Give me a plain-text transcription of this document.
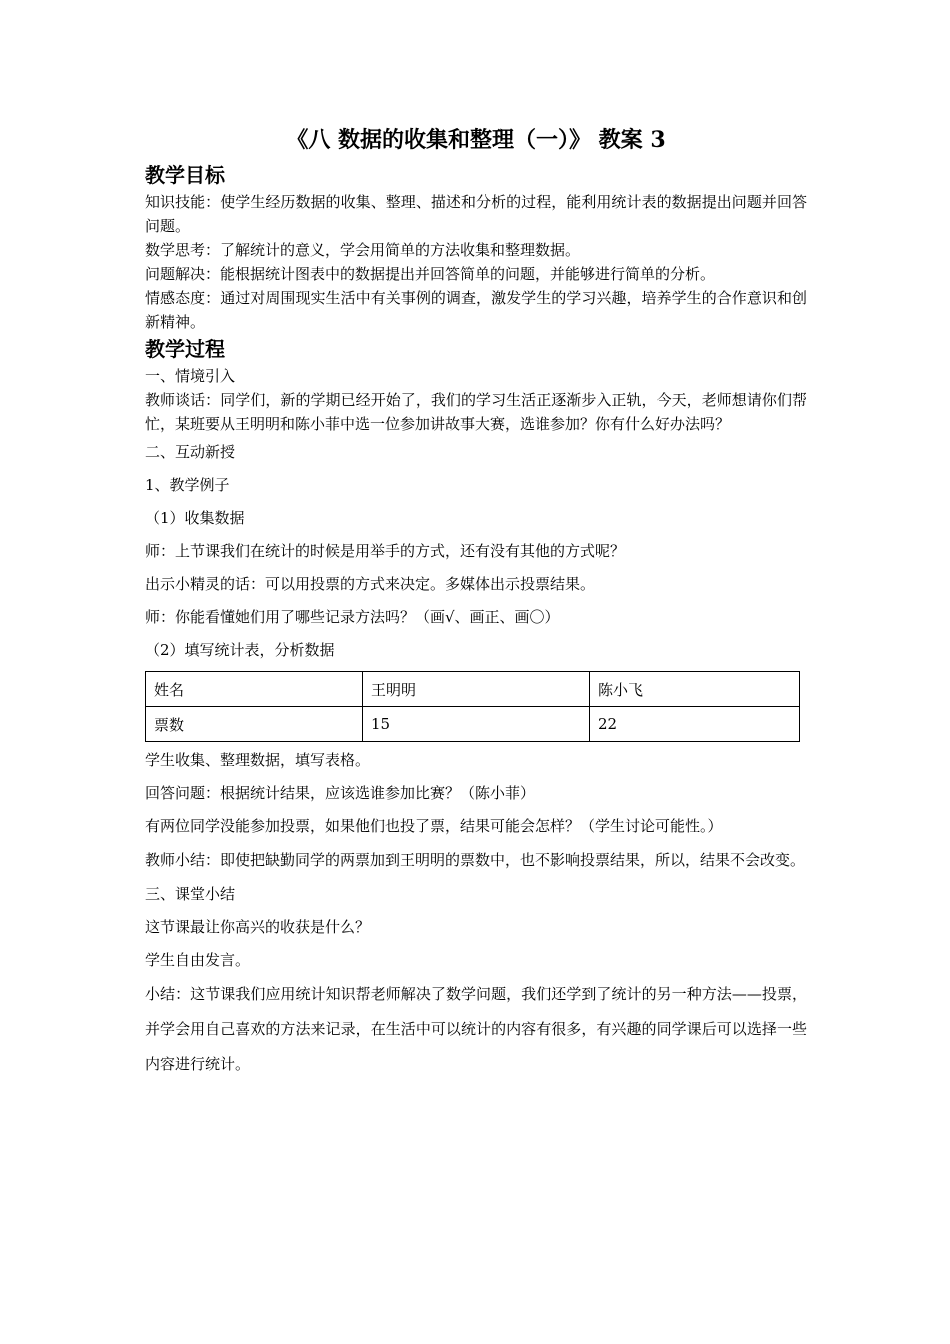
《八 数据的收集和整理（一）》 教案 3
教学目标

知识技能：使学生经历数据的收集、整理、描述和分析的过程，能利用统计表的数据提出问题并回答问题。

数学思考：了解统计的意义，学会用简单的方法收集和整理数据。

问题解决：能根据统计图表中的数据提出并回答简单的问题，并能够进行简单的分析。

情感态度：通过对周围现实生活中有关事例的调查，激发学生的学习兴趣，培养学生的合作意识和创新精神。

教学过程

一、情境引入

教师谈话：同学们，新的学期已经开始了，我们的学习生活正逐渐步入正轨，今天，老师想请你们帮忙，某班要从王明明和陈小菲中选一位参加讲故事大赛，选谁参加？你有什么好办法吗？

二、互动新授

1、教学例子

（1）收集数据

师：上节课我们在统计的时候是用举手的方式，还有没有其他的方式呢？

出示小精灵的话：可以用投票的方式来决定。多媒体出示投票结果。

师：你能看懂她们用了哪些记录方法吗？（画√、画正、画〇）

（2）填写统计表，分析数据

姓名	王明明	陈小飞
票数	15	22

学生收集、整理数据，填写表格。

回答问题：根据统计结果，应该选谁参加比赛？（陈小菲）

有两位同学没能参加投票，如果他们也投了票，结果可能会怎样？（学生讨论可能性。）

教师小结：即使把缺勤同学的两票加到王明明的票数中，也不影响投票结果，所以，结果不会改变。

三、课堂小结

这节课最让你高兴的收获是什么？

学生自由发言。

小结：这节课我们应用统计知识帮老师解决了数学问题，我们还学到了统计的另一种方法——投票，并学会用自己喜欢的方法来记录，在生活中可以统计的内容有很多，有兴趣的同学课后可以选择一些内容进行统计。
